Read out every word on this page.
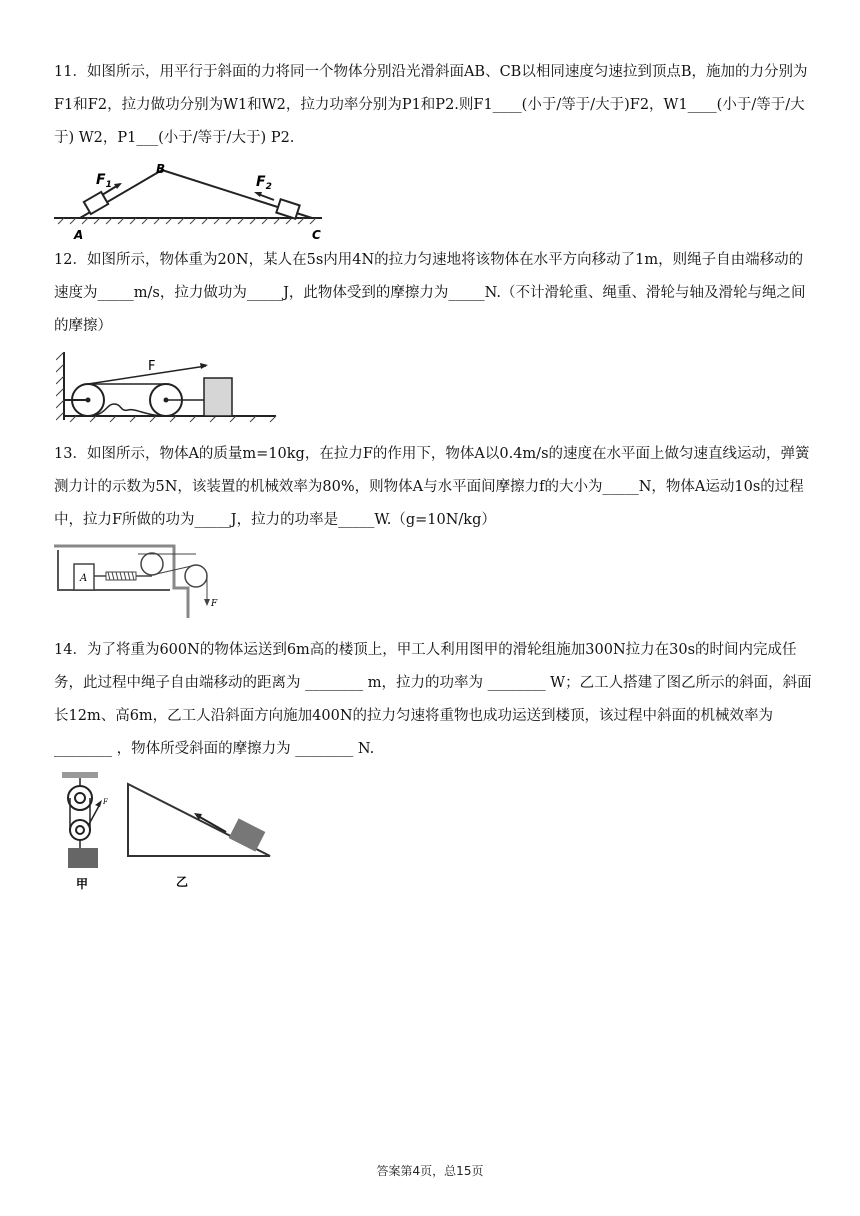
11．如图所示，用平行于斜面的力将同一个物体分别沿光滑斜面AB、CB以相同速度匀速拉到顶点B，施加的力分别为F1和F2，拉力做功分别为W1和W2，拉力功率分别为P1和P2.则F1____(小于/等于/大于)F2，W1____(小于/等于/大于) W2，P1___(小于/等于/大于) P2.

$F_1$	$F_2$
B
A	C

12．如图所示，物体重为20N，某人在5s内用4N的拉力匀速地将该物体在水平方向移动了1m，则绳子自由端移动的速度为_____m/s，拉力做功为_____J，此物体受到的摩擦力为_____N.（不计滑轮重、绳重、滑轮与轴及滑轮与绳之间的摩擦）

F

13．如图所示，物体A的质量m=10kg，在拉力F的作用下，物体A以0.4m/s的速度在水平面上做匀速直线运动，弹簧测力计的示数为5N，该装置的机械效率为80%，则物体A与水平面间摩擦力f的大小为_____N，物体A运动10s的过程中，拉力F所做的功为_____J，拉力的功率是_____W.（g=10N/kg）

A
F

14．为了将重为600N的物体运送到6m高的楼顶上，甲工人利用图甲的滑轮组施加300N拉力在30s的时间内完成任务，此过程中绳子自由端移动的距离为 ________ m，拉力的功率为 ________ W；乙工人搭建了图乙所示的斜面，斜面长12m、高6m，乙工人沿斜面方向施加400N的拉力匀速将重物也成功运送到楼顶，该过程中斜面的机械效率为 ________ ，物体所受斜面的摩擦力为 ________ N.

F
甲	乙
答案第4页，总15页
